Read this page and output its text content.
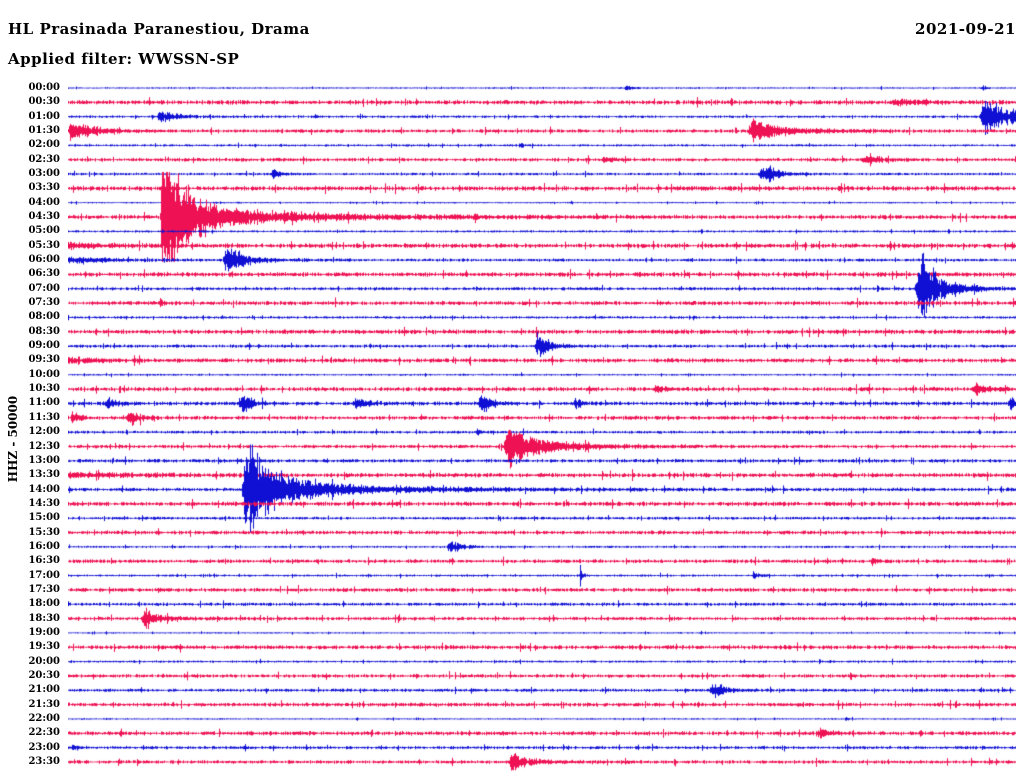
HL Prasinada Paranestiou, Drama	2021-09-21
Applied filter: WWSSN-SP
HHZ - 50000
00:00
00:30
01:00
01:30
02:00
02:30
03:00
03:30
04:00
04:30
05:00
05:30
06:00
06:30
07:00
07:30
08:00
08:30
09:00
09:30
10:00
10:30
11:00
11:30
12:00
12:30
13:00
13:30
14:00
14:30
15:00
15:30
16:00
16:30
17:00
17:30
18:00
18:30
19:00
19:30
20:00
20:30
21:00
21:30
22:00
22:30
23:00
23:30
